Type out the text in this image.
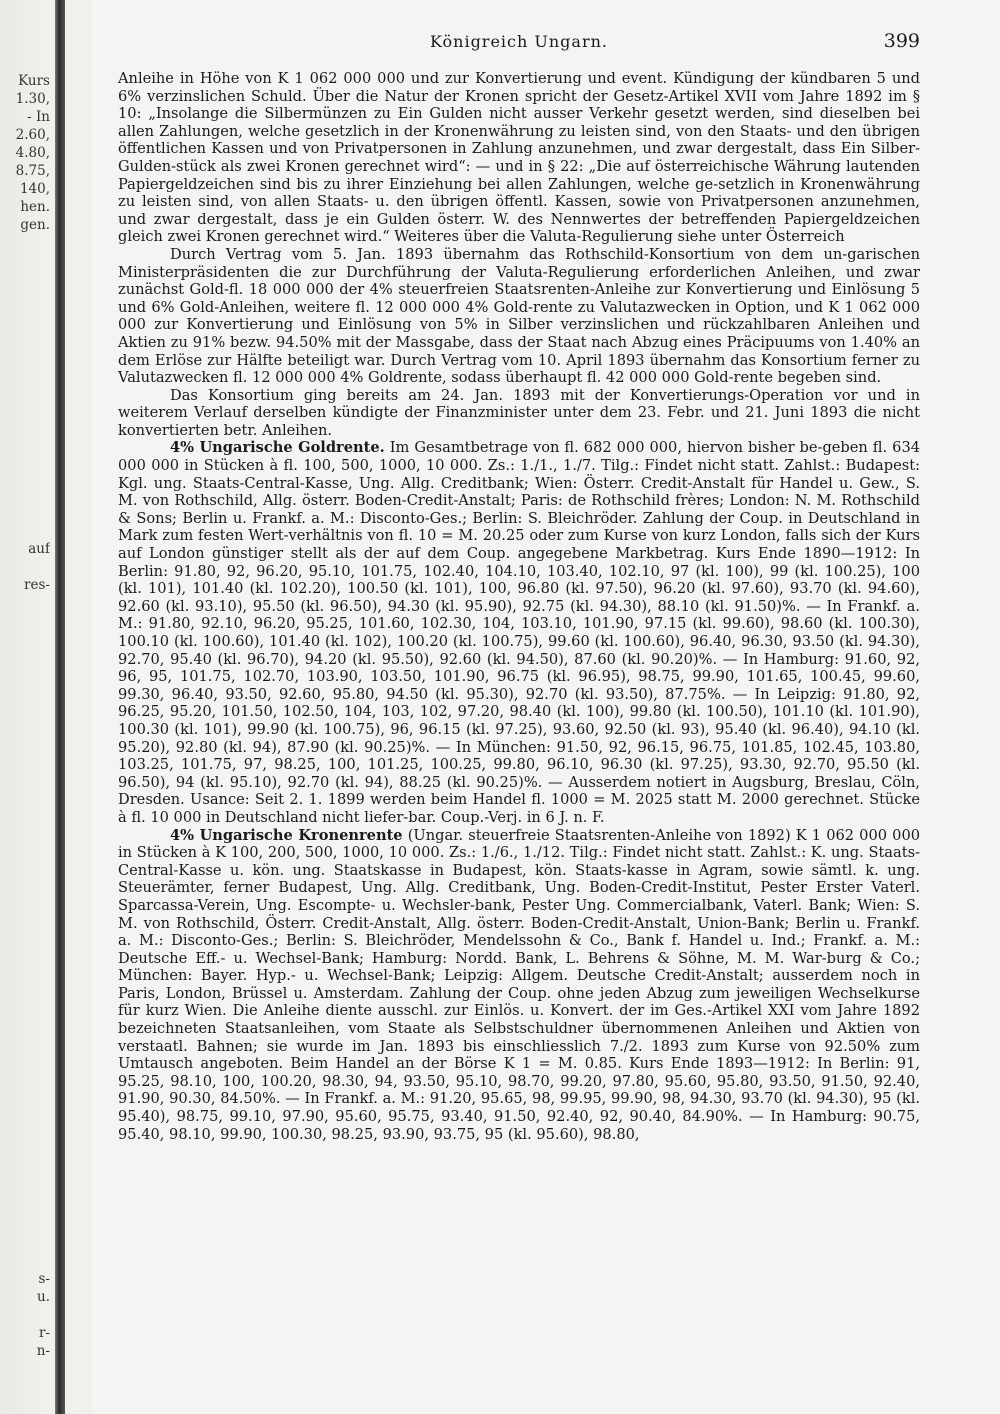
Kurs
1.30,
- In
2.60,
4.80,
8.75,
140,
hen.
gen.
auf
res-
s-
u.
r-
n-
Königreich Ungarn.	399

Anleihe in Höhe von K 1 062 000 000 und zur Konvertierung und event. Kündigung der kündbaren 5 und 6% verzinslichen Schuld. Über die Natur der Kronen spricht der Gesetz-Artikel XVII vom Jahre 1892 im § 10: „Insolange die Silbermünzen zu Ein Gulden nicht ausser Verkehr gesetzt werden, sind dieselben bei allen Zahlungen, welche gesetzlich in der Kronenwährung zu leisten sind, von den Staats- und den übrigen öffentlichen Kassen und von Privatpersonen in Zahlung anzunehmen, und zwar dergestalt, dass Ein Silber-Gulden-stück als zwei Kronen gerechnet wird“: — und in § 22: „Die auf österreichische Währung lautenden Papiergeldzeichen sind bis zu ihrer Einziehung bei allen Zahlungen, welche ge-setzlich in Kronenwährung zu leisten sind, von allen Staats- u. den übrigen öffentl. Kassen, sowie von Privatpersonen anzunehmen, und zwar dergestalt, dass je ein Gulden österr. W. des Nennwertes der betreffenden Papiergeldzeichen gleich zwei Kronen gerechnet wird.“ Weiteres über die Valuta-Regulierung siehe unter Österreich

Durch Vertrag vom 5. Jan. 1893 übernahm das Rothschild-Konsortium von dem un-garischen Ministerpräsidenten die zur Durchführung der Valuta-Regulierung erforderlichen Anleihen, und zwar zunächst Gold-fl. 18 000 000 der 4% steuerfreien Staatsrenten-Anleihe zur Konvertierung und Einlösung 5 und 6% Gold-Anleihen, weitere fl. 12 000 000 4% Gold-rente zu Valutazwecken in Option, und K 1 062 000 000 zur Konvertierung und Einlösung von 5% in Silber verzinslichen und rückzahlbaren Anleihen und Aktien zu 91% bezw. 94.50% mit der Massgabe, dass der Staat nach Abzug eines Präcipuums von 1.40% an dem Erlöse zur Hälfte beteiligt war. Durch Vertrag vom 10. April 1893 übernahm das Konsortium ferner zu Valutazwecken fl. 12 000 000 4% Goldrente, sodass überhaupt fl. 42 000 000 Gold-rente begeben sind.

Das Konsortium ging bereits am 24. Jan. 1893 mit der Konvertierungs-Operation vor und in weiterem Verlauf derselben kündigte der Finanzminister unter dem 23. Febr. und 21. Juni 1893 die nicht konvertierten betr. Anleihen.

4% Ungarische Goldrente. Im Gesamtbetrage von fl. 682 000 000, hiervon bisher be-geben fl. 634 000 000 in Stücken à fl. 100, 500, 1000, 10 000. Zs.: 1./1., 1./7. Tilg.: Findet nicht statt. Zahlst.: Budapest: Kgl. ung. Staats-Central-Kasse, Ung. Allg. Creditbank; Wien: Österr. Credit-Anstalt für Handel u. Gew., S. M. von Rothschild, Allg. österr. Boden-Credit-Anstalt; Paris: de Rothschild frères; London: N. M. Rothschild & Sons; Berlin u. Frankf. a. M.: Disconto-Ges.; Berlin: S. Bleichröder. Zahlung der Coup. in Deutschland in Mark zum festen Wert-verhältnis von fl. 10 = M. 20.25 oder zum Kurse von kurz London, falls sich der Kurs auf London günstiger stellt als der auf dem Coup. angegebene Markbetrag. Kurs Ende 1890—1912: In Berlin: 91.80, 92, 96.20, 95.10, 101.75, 102.40, 104.10, 103.40, 102.10, 97 (kl. 100), 99 (kl. 100.25), 100 (kl. 101), 101.40 (kl. 102.20), 100.50 (kl. 101), 100, 96.80 (kl. 97.50), 96.20 (kl. 97.60), 93.70 (kl. 94.60), 92.60 (kl. 93.10), 95.50 (kl. 96.50), 94.30 (kl. 95.90), 92.75 (kl. 94.30), 88.10 (kl. 91.50)%. — In Frankf. a. M.: 91.80, 92.10, 96.20, 95.25, 101.60, 102.30, 104, 103.10, 101.90, 97.15 (kl. 99.60), 98.60 (kl. 100.30), 100.10 (kl. 100.60), 101.40 (kl. 102), 100.20 (kl. 100.75), 99.60 (kl. 100.60), 96.40, 96.30, 93.50 (kl. 94.30), 92.70, 95.40 (kl. 96.70), 94.20 (kl. 95.50), 92.60 (kl. 94.50), 87.60 (kl. 90.20)%. — In Hamburg: 91.60, 92, 96, 95, 101.75, 102.70, 103.90, 103.50, 101.90, 96.75 (kl. 96.95), 98.75, 99.90, 101.65, 100.45, 99.60, 99.30, 96.40, 93.50, 92.60, 95.80, 94.50 (kl. 95.30), 92.70 (kl. 93.50), 87.75%. — In Leipzig: 91.80, 92, 96.25, 95.20, 101.50, 102.50, 104, 103, 102, 97.20, 98.40 (kl. 100), 99.80 (kl. 100.50), 101.10 (kl. 101.90), 100.30 (kl. 101), 99.90 (kl. 100.75), 96, 96.15 (kl. 97.25), 93.60, 92.50 (kl. 93), 95.40 (kl. 96.40), 94.10 (kl. 95.20), 92.80 (kl. 94), 87.90 (kl. 90.25)%. — In München: 91.50, 92, 96.15, 96.75, 101.85, 102.45, 103.80, 103.25, 101.75, 97, 98.25, 100, 101.25, 100.25, 99.80, 96.10, 96.30 (kl. 97.25), 93.30, 92.70, 95.50 (kl. 96.50), 94 (kl. 95.10), 92.70 (kl. 94), 88.25 (kl. 90.25)%. — Ausserdem notiert in Augsburg, Breslau, Cöln, Dresden. Usance: Seit 2. 1. 1899 werden beim Handel fl. 1000 = M. 2025 statt M. 2000 gerechnet. Stücke à fl. 10 000 in Deutschland nicht liefer-bar. Coup.-Verj. in 6 J. n. F.

4% Ungarische Kronenrente (Ungar. steuerfreie Staatsrenten-Anleihe von 1892) K 1 062 000 000 in Stücken à K 100, 200, 500, 1000, 10 000. Zs.: 1./6., 1./12. Tilg.: Findet nicht statt. Zahlst.: K. ung. Staats-Central-Kasse u. kön. ung. Staatskasse in Budapest, kön. Staats-kasse in Agram, sowie sämtl. k. ung. Steuerämter, ferner Budapest, Ung. Allg. Creditbank, Ung. Boden-Credit-Institut, Pester Erster Vaterl. Sparcassa-Verein, Ung. Escompte- u. Wechsler-bank, Pester Ung. Commercialbank, Vaterl. Bank; Wien: S. M. von Rothschild, Österr. Credit-Anstalt, Allg. österr. Boden-Credit-Anstalt, Union-Bank; Berlin u. Frankf. a. M.: Disconto-Ges.; Berlin: S. Bleichröder, Mendelssohn & Co., Bank f. Handel u. Ind.; Frankf. a. M.: Deutsche Eff.- u. Wechsel-Bank; Hamburg: Nordd. Bank, L. Behrens & Söhne, M. M. War-burg & Co.; München: Bayer. Hyp.- u. Wechsel-Bank; Leipzig: Allgem. Deutsche Credit-Anstalt; ausserdem noch in Paris, London, Brüssel u. Amsterdam. Zahlung der Coup. ohne jeden Abzug zum jeweiligen Wechselkurse für kurz Wien. Die Anleihe diente ausschl. zur Einlös. u. Konvert. der im Ges.-Artikel XXI vom Jahre 1892 bezeichneten Staatsanleihen, vom Staate als Selbstschuldner übernommenen Anleihen und Aktien von verstaatl. Bahnen; sie wurde im Jan. 1893 bis einschliesslich 7./2. 1893 zum Kurse von 92.50% zum Umtausch angeboten. Beim Handel an der Börse K 1 = M. 0.85. Kurs Ende 1893—1912: In Berlin: 91, 95.25, 98.10, 100, 100.20, 98.30, 94, 93.50, 95.10, 98.70, 99.20, 97.80, 95.60, 95.80, 93.50, 91.50, 92.40, 91.90, 90.30, 84.50%. — In Frankf. a. M.: 91.20, 95.65, 98, 99.95, 99.90, 98, 94.30, 93.70 (kl. 94.30), 95 (kl. 95.40), 98.75, 99.10, 97.90, 95.60, 95.75, 93.40, 91.50, 92.40, 92, 90.40, 84.90%. — In Hamburg: 90.75, 95.40, 98.10, 99.90, 100.30, 98.25, 93.90, 93.75, 95 (kl. 95.60), 98.80,
